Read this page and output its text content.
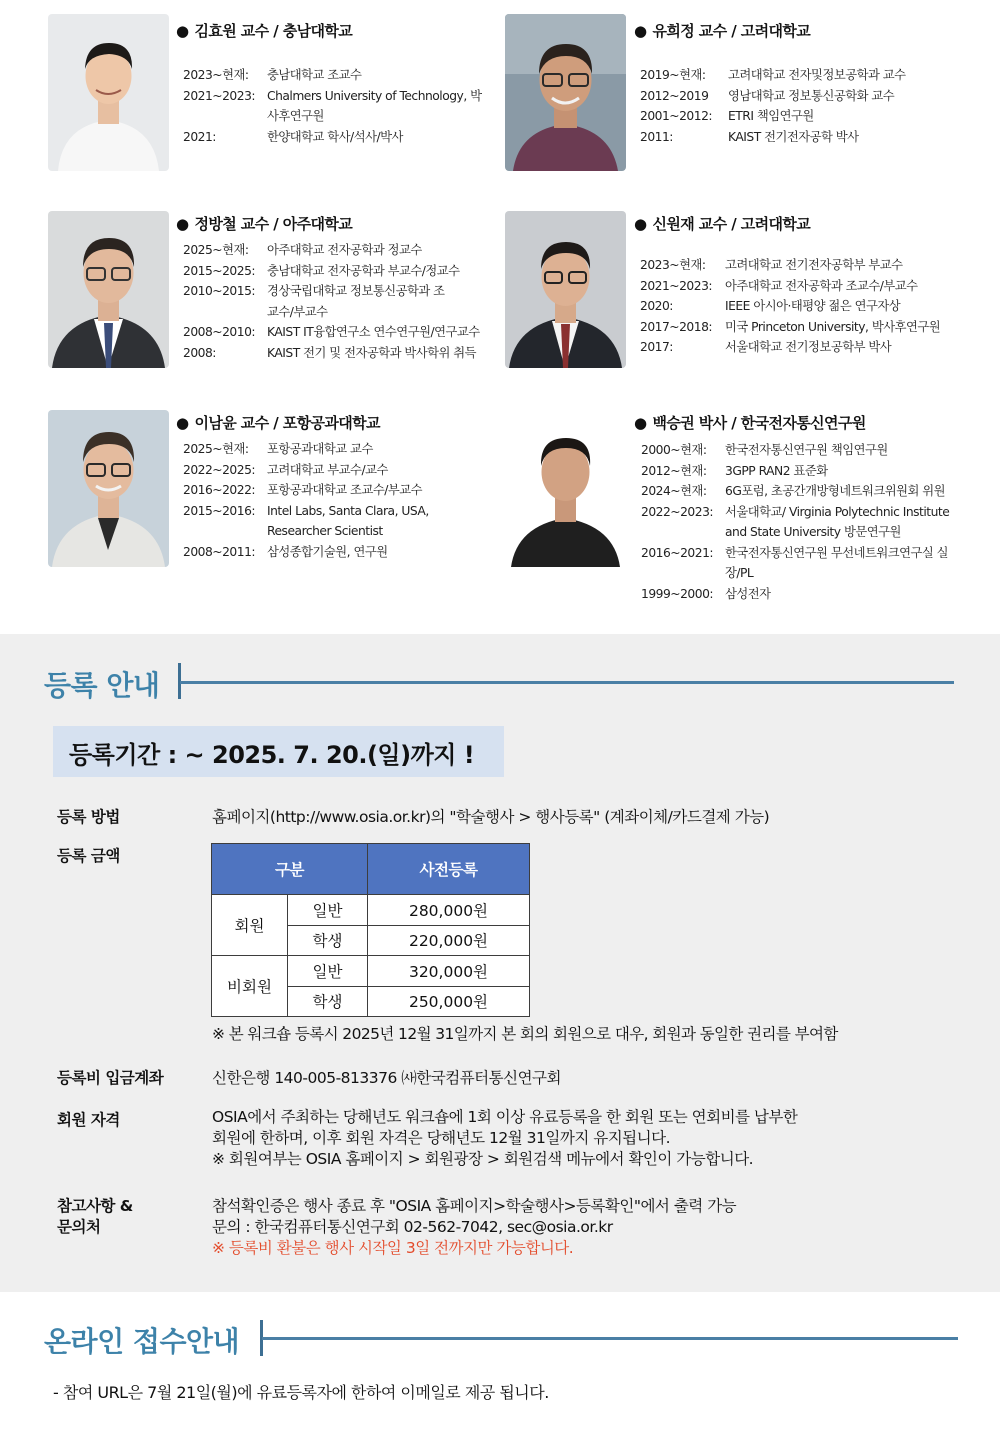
● 김효원 교수 / 충남대학교
2023~현재:	충남대학교 조교수
2021~2023: Chalmers University of Technology, 박사후연구원
2021:	한양대학교 학사/석사/박사
● 유희정 교수 / 고려대학교
2019~현재:	고려대학교 전자및정보공학과 교수
2012~2019	영남대학교 정보통신공학화 교수
2001~2012:	ETRI 책임연구원
2011:	KAIST 전기전자공학 박사
● 정방철 교수 / 아주대학교
2025~현재:	아주대학교 전자공학과 정교수
2015~2025: 충남대학교 전자공학과 부교수/정교수
2010~2015: 경상국립대학교 정보통신공학과 조교수/부교수
2008~2010: KAIST IT융합연구소 연수연구원/연구교수
2008:	KAIST 전기 및 전자공학과 박사학위 취득
● 신원재 교수 / 고려대학교
2023~현재:	고려대학교 전기전자공학부 부교수
2021~2023:	아주대학교 전자공학과 조교수/부교수
2020:	IEEE 아시아·태평양 젊은 연구자상
2017~2018:	미국 Princeton University, 박사후연구원
2017:	서울대학교 전기정보공학부 박사
● 이남윤 교수 / 포항공과대학교
2025~현재:	포항공과대학교 교수
2022~2025: 고려대학교 부교수/교수
2016~2022: 포항공과대학교 조교수/부교수
2015~2016: Intel Labs, Santa Clara, USA, Researcher Scientist
2008~2011: 삼성종합기술원, 연구원
● 백승권 박사 / 한국전자통신연구원
2000~현재:	한국전자통신연구원 책임연구원
2012~현재:	3GPP RAN2 표준화
2024~현재:	6G포럼, 초공간개방형네트워크위원회 위원
2022~2023: 서울대학교/ Virginia Polytechnic Institute and State University 방문연구원
2016~2021: 한국전자통신연구원 무선네트워크연구실 실장/PL
1999~2000: 삼성전자
등록 안내
등록기간 : ~ 2025. 7. 20.(일)까지 !
등록 방법	홈페이지(http://www.osia.or.kr)의 "학술행사 > 행사등록" (계좌이체/카드결제 가능)
등록 금액
구분		사전등록
회원	일반	280,000원
	학생	220,000원
비회원	일반	320,000원
	학생	250,000원
※ 본 워크숍 등록시 2025년 12월 31일까지 본 회의 회원으로 대우, 회원과 동일한 권리를 부여함
등록비 입금계좌	신한은행 140-005-813376 ㈔한국컴퓨터통신연구회
회원 자격	OSIA에서 주최하는 당해년도 워크숍에 1회 이상 유료등록을 한 회원 또는 연회비를 납부한
회원에 한하며, 이후 회원 자격은 당해년도 12월 31일까지 유지됩니다.
※ 회원여부는 OSIA 홈페이지 > 회원광장 > 회원검색 메뉴에서 확인이 가능합니다.
참고사항 &
문의처
참석확인증은 행사 종료 후 "OSIA 홈페이지>학술행사>등록확인"에서 출력 가능
문의 : 한국컴퓨터통신연구회 02-562-7042, sec@osia.or.kr
※ 등록비 환불은 행사 시작일 3일 전까지만 가능합니다.
온라인 접수안내
- 참여 URL은 7월 21일(월)에 유료등록자에 한하여 이메일로 제공 됩니다.
